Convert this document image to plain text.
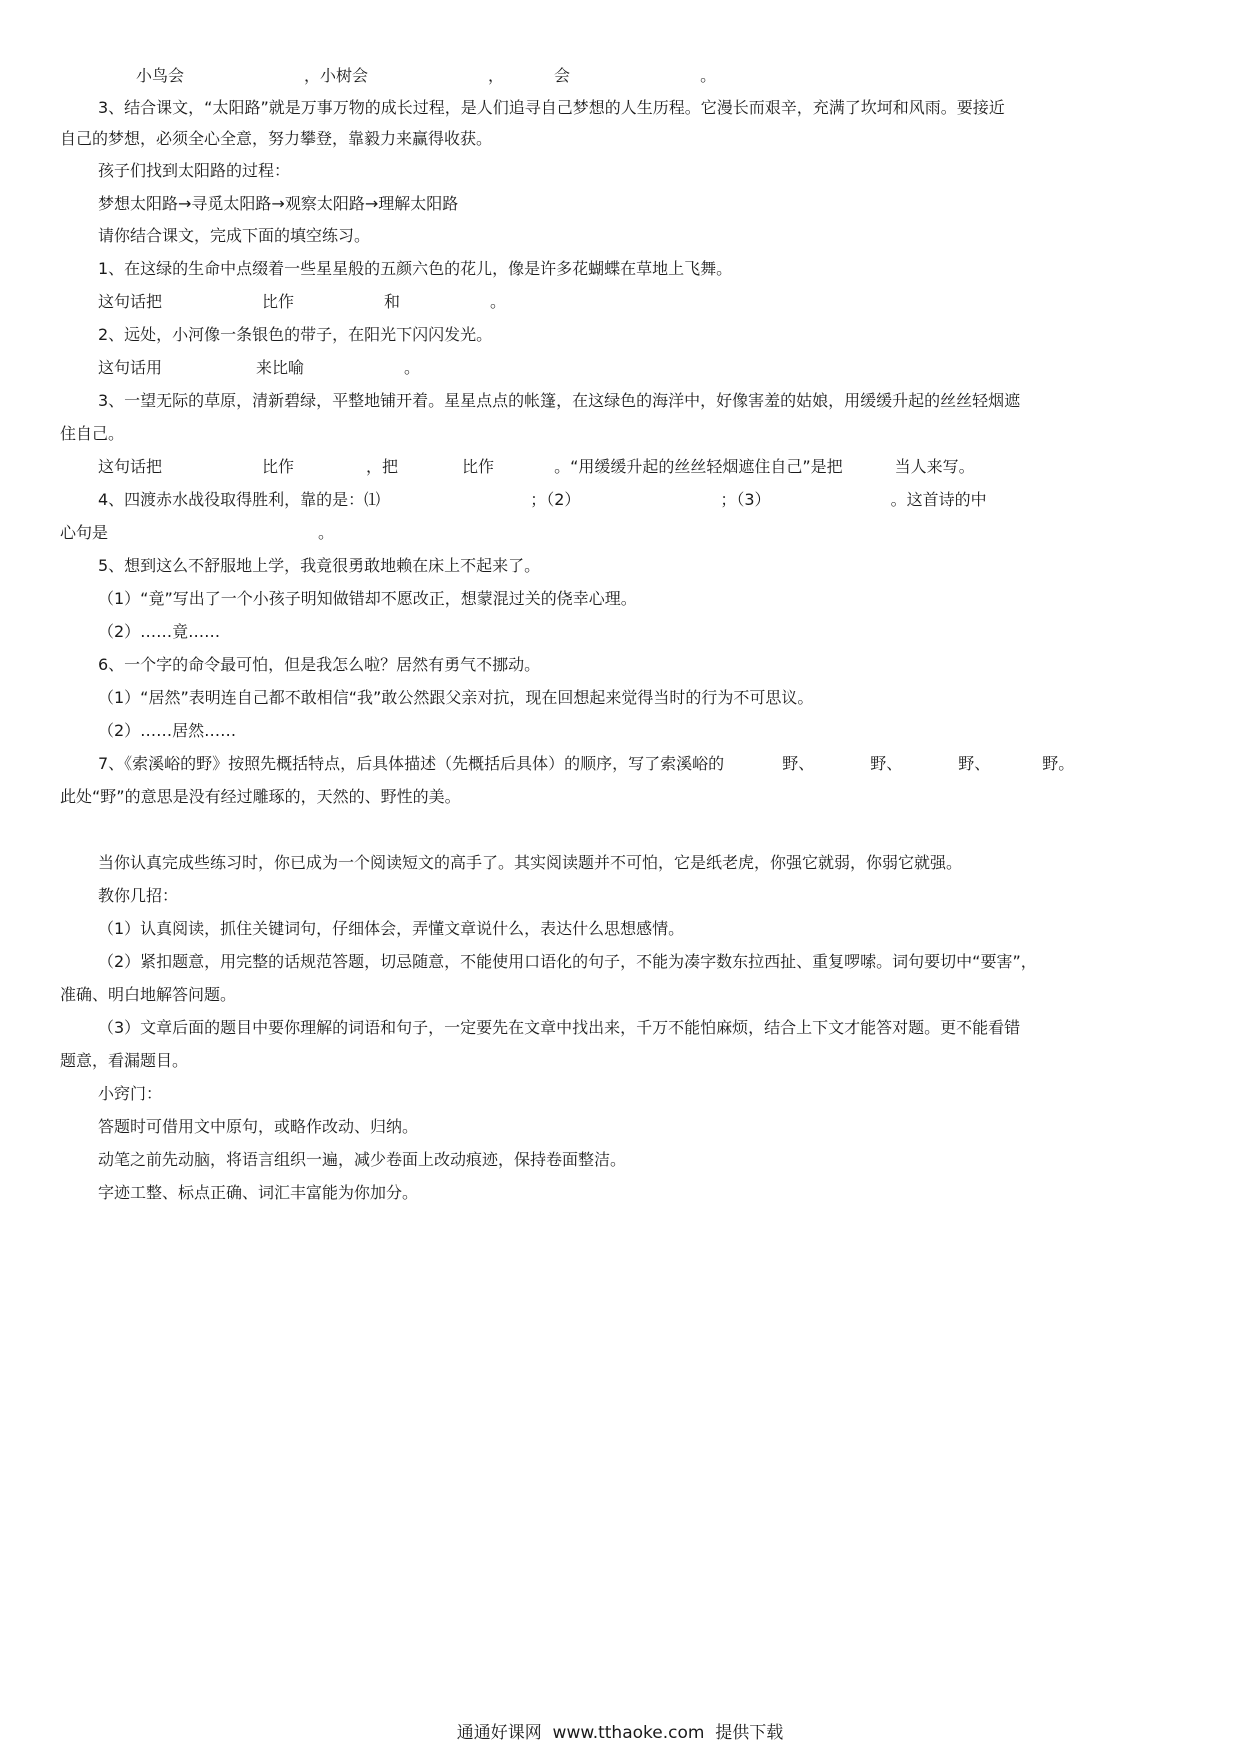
小鸟会	，小树会	，	会	。
3、结合课文，“太阳路”就是万事万物的成长过程，是人们追寻自己梦想的人生历程。它漫长而艰辛，充满了坎坷和风雨。要接近
自己的梦想，必须全心全意，努力攀登，靠毅力来赢得收获。
孩子们找到太阳路的过程：
梦想太阳路→寻觅太阳路→观察太阳路→理解太阳路
请你结合课文，完成下面的填空练习。
1、在这绿的生命中点缀着一些星星般的五颜六色的花儿，像是许多花蝴蝶在草地上飞舞。
这句话把	比作	和	。
2、远处，小河像一条银色的带子，在阳光下闪闪发光。
这句话用	来比喻	。
3、一望无际的草原，清新碧绿，平整地铺开着。星星点点的帐篷，在这绿色的海洋中，好像害羞的姑娘，用缓缓升起的丝丝轻烟遮
住自己。
这句话把	比作	，把	比作	。“用缓缓升起的丝丝轻烟遮住自己”是把	当人来写。
4、四渡赤水战役取得胜利，靠的是：⑴	；（2）	；（3）	。这首诗的中
心句是	。
5、想到这么不舒服地上学，我竟很勇敢地赖在床上不起来了。
（1）“竟”写出了一个小孩子明知做错却不愿改正，想蒙混过关的侥幸心理。
（2）……竟……
6、一个字的命令最可怕，但是我怎么啦？居然有勇气不挪动。
（1）“居然”表明连自己都不敢相信“我”敢公然跟父亲对抗，现在回想起来觉得当时的行为不可思议。
（2）……居然……
7、《索溪峪的野》按照先概括特点，后具体描述（先概括后具体）的顺序，写了索溪峪的	野、	野、	野、	野。
此处“野”的意思是没有经过雕琢的，天然的、野性的美。
当你认真完成些练习时，你已成为一个阅读短文的高手了。其实阅读题并不可怕，它是纸老虎，你强它就弱，你弱它就强。
教你几招：
（1）认真阅读，抓住关键词句，仔细体会，弄懂文章说什么，表达什么思想感情。
（2）紧扣题意，用完整的话规范答题，切忌随意，不能使用口语化的句子，不能为凑字数东拉西扯、重复啰嗦。词句要切中“要害”，
准确、明白地解答问题。
（3）文章后面的题目中要你理解的词语和句子，一定要先在文章中找出来，千万不能怕麻烦，结合上下文才能答对题。更不能看错
题意，看漏题目。
小窍门：
答题时可借用文中原句，或略作改动、归纳。
动笔之前先动脑，将语言组织一遍，减少卷面上改动痕迹，保持卷面整洁。
字迹工整、标点正确、词汇丰富能为你加分。
通通好课网  www.tthaoke.com  提供下载
